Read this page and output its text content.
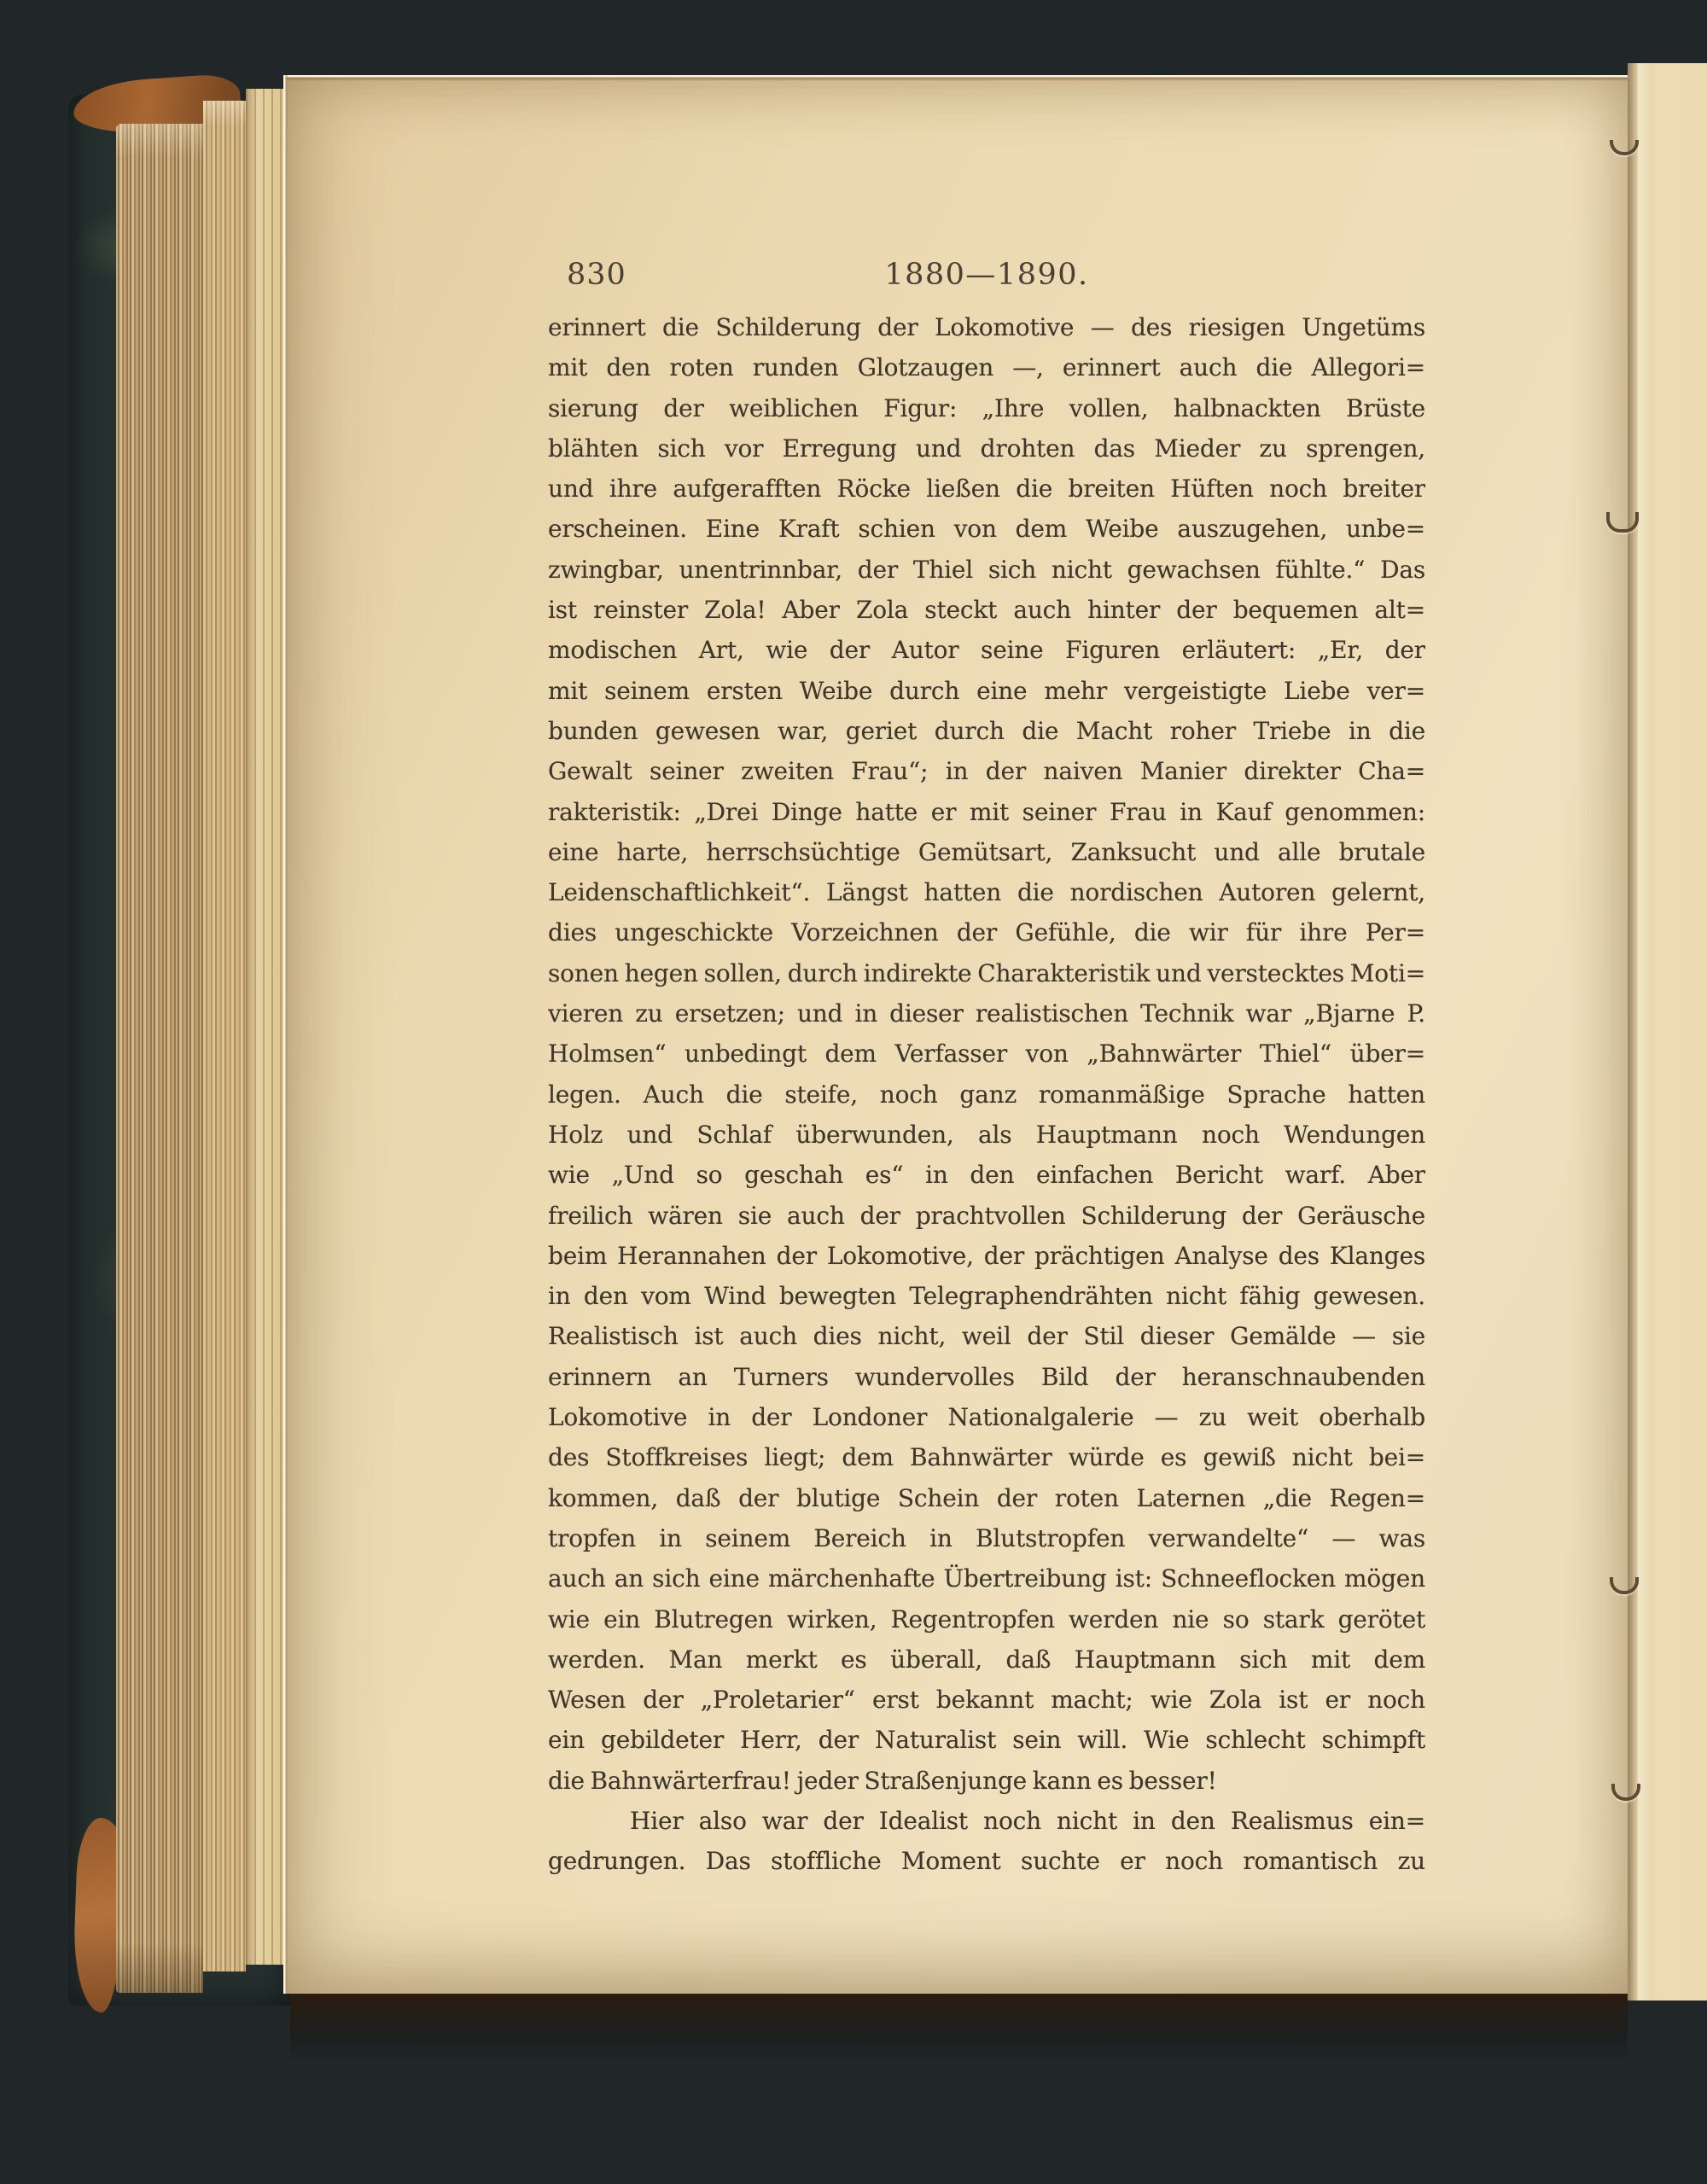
830	1880—1890.
erinnert die Schilderung der Lokomotive — des riesigen Ungetüms
mit den roten runden Glotzaugen —, erinnert auch die Allegori=
sierung der weiblichen Figur: „Ihre vollen, halbnackten Brüste
blähten sich vor Erregung und drohten das Mieder zu sprengen,
und ihre aufgerafften Röcke ließen die breiten Hüften noch breiter
erscheinen. Eine Kraft schien von dem Weibe auszugehen, unbe=
zwingbar, unentrinnbar, der Thiel sich nicht gewachsen fühlte.“ Das
ist reinster Zola! Aber Zola steckt auch hinter der bequemen alt=
modischen Art, wie der Autor seine Figuren erläutert: „Er, der
mit seinem ersten Weibe durch eine mehr vergeistigte Liebe ver=
bunden gewesen war, geriet durch die Macht roher Triebe in die
Gewalt seiner zweiten Frau“; in der naiven Manier direkter Cha=
rakteristik: „Drei Dinge hatte er mit seiner Frau in Kauf genommen:
eine harte, herrschsüchtige Gemütsart, Zanksucht und alle brutale
Leidenschaftlichkeit“. Längst hatten die nordischen Autoren gelernt,
dies ungeschickte Vorzeichnen der Gefühle, die wir für ihre Per=
sonen hegen sollen, durch indirekte Charakteristik und verstecktes Moti=
vieren zu ersetzen; und in dieser realistischen Technik war „Bjarne P.
Holmsen“ unbedingt dem Verfasser von „Bahnwärter Thiel“ über=
legen. Auch die steife, noch ganz romanmäßige Sprache hatten
Holz und Schlaf überwunden, als Hauptmann noch Wendungen
wie „Und so geschah es“ in den einfachen Bericht warf. Aber
freilich wären sie auch der prachtvollen Schilderung der Geräusche
beim Herannahen der Lokomotive, der prächtigen Analyse des Klanges
in den vom Wind bewegten Telegraphendrähten nicht fähig gewesen.
Realistisch ist auch dies nicht, weil der Stil dieser Gemälde — sie
erinnern an Turners wundervolles Bild der heranschnaubenden
Lokomotive in der Londoner Nationalgalerie — zu weit oberhalb
des Stoffkreises liegt; dem Bahnwärter würde es gewiß nicht bei=
kommen, daß der blutige Schein der roten Laternen „die Regen=
tropfen in seinem Bereich in Blutstropfen verwandelte“ — was
auch an sich eine märchenhafte Übertreibung ist: Schneeflocken mögen
wie ein Blutregen wirken, Regentropfen werden nie so stark gerötet
werden. Man merkt es überall, daß Hauptmann sich mit dem
Wesen der „Proletarier“ erst bekannt macht; wie Zola ist er noch
ein gebildeter Herr, der Naturalist sein will. Wie schlecht schimpft
die Bahnwärterfrau! jeder Straßenjunge kann es besser!
Hier also war der Idealist noch nicht in den Realismus ein=
gedrungen. Das stoffliche Moment suchte er noch romantisch zu
